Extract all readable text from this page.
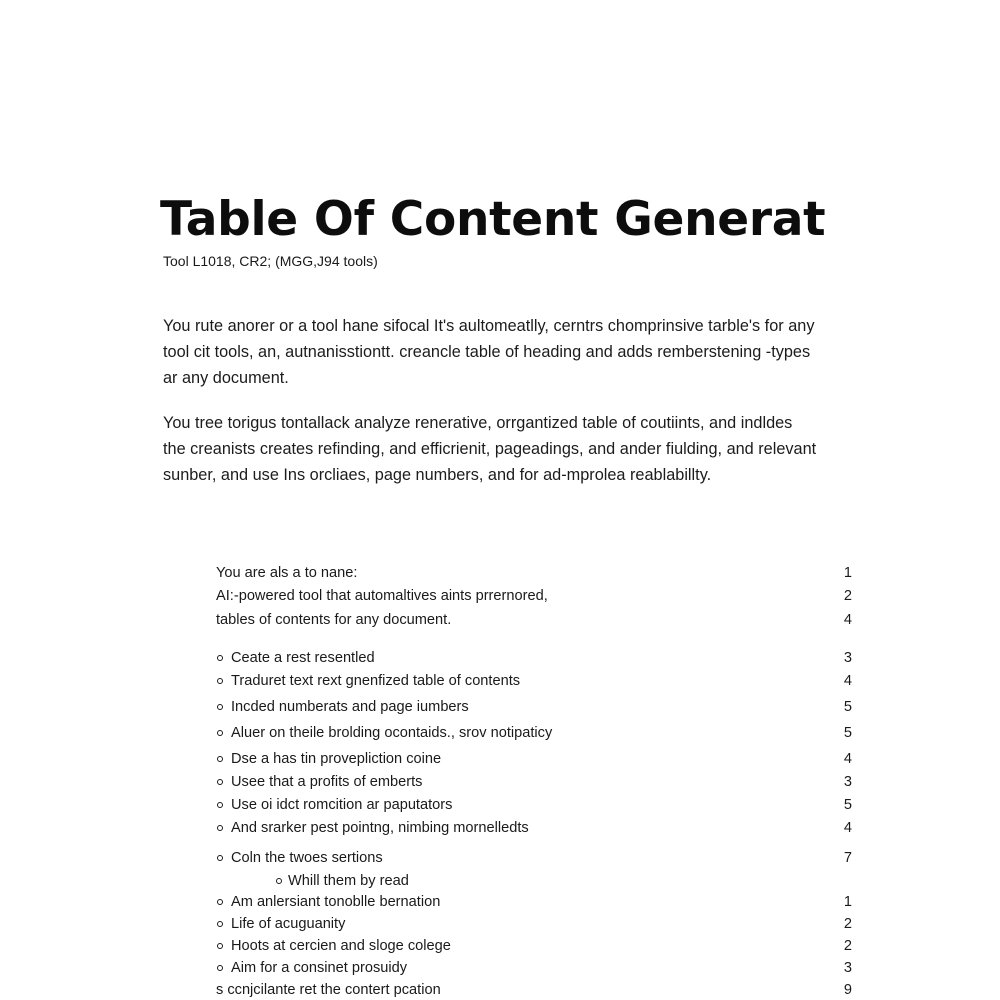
Table Of Content Generat
Tool L1018, CR2; (MGG,J94 tools)

You rute anorer or a tool hane sifocal It's aultomeatlly, cerntrs chomprinsive tarble's for any
tool cit tools, an, autnanisstiontt. creancle table of heading and adds remberstening -types
ar any document.

You tree torigus tontallack analyze renerative, orrgantized table of coutiints, and indldes
the creanists creates refinding, and efficrienit, pageadings, and ander fiulding, and relevant
sunber, and use Ins orcliaes, page numbers, and for ad-mprolea reablabillty.

You are als a to nane:	1
AI:-powered tool that automaltives aints prrernored,	2
tables of contents for any document.	4
Ceate a rest resentled	3
Traduret text rext gnenfized table of contents	4
Incded numberats and page iumbers	5
Aluer on theile brolding ocontaids., srov notipaticy	5
Dse a has tin provepliction coine	4
Usee that a profits of emberts	3
Use oi idct romcition ar paputators	5
And srarker pest pointng, nimbing mornelledts	4
Coln the twoes sertions	7
Whill them by read
Am anlersiant tonoblle bernation	1
Life of acuguanity	2
Hoots at cercien and sloge colege	2
Aim for a consinet prosuidy	3
s ccnjcilante ret the contert pcation	9
